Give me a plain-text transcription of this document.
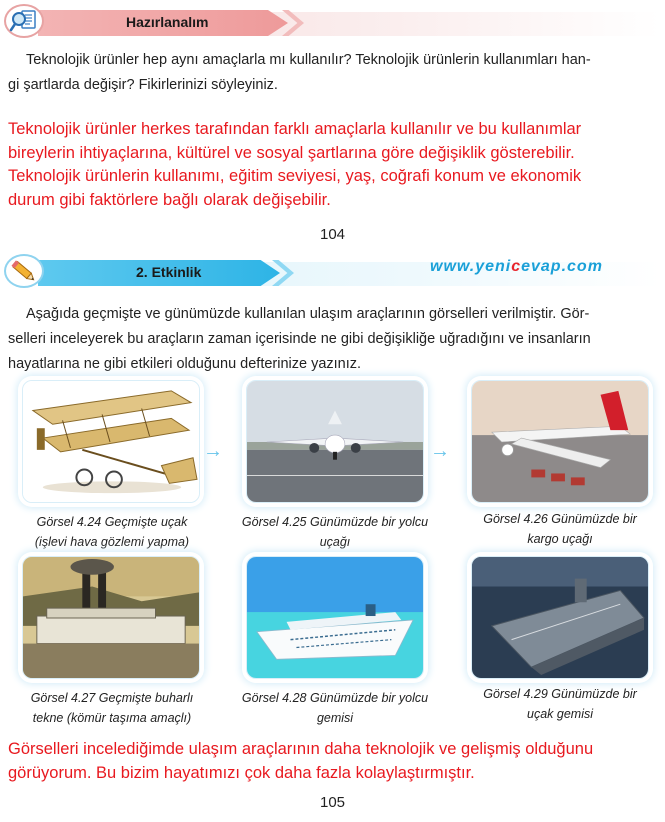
Hazırlanalım
Teknolojik ürünler hep aynı amaçlarla mı kullanılır? Teknolojik ürünlerin kullanımları han-
gi şartlarda değişir? Fikirlerinizi söyleyiniz.
Teknolojik ürünler herkes tarafından farklı amaçlarla kullanılır ve bu kullanımlar
bireylerin ihtiyaçlarına, kültürel ve sosyal şartlarına göre değişiklik gösterebilir.
Teknolojik ürünlerin kullanımı, eğitim seviyesi, yaş, coğrafi konum ve ekonomik
durum gibi faktörlere bağlı olarak değişebilir.
104
2. Etkinlik	www.yenicevap.com
Aşağıda geçmişte ve günümüzde kullanılan ulaşım araçlarının görselleri verilmiştir. Gör-
selleri inceleyerek bu araçların zaman içerisinde ne gibi değişikliğe uğradığını ve insanların
hayatlarına ne gibi etkileri olduğunu defterinize yazınız.
→	→
Görsel 4.24 Geçmişte uçak
(işlevi hava gözlemi yapma)
Görsel 4.25 Günümüzde bir yolcu
uçağı
Görsel 4.26 Günümüzde bir
kargo uçağı
Görsel 4.27 Geçmişte buharlı
tekne (kömür taşıma amaçlı)
Görsel 4.28 Günümüzde bir yolcu
gemisi
Görsel 4.29 Günümüzde bir
uçak gemisi
Görselleri incelediğimde ulaşım araçlarının daha teknolojik ve gelişmiş olduğunu
görüyorum. Bu bizim hayatımızı çok daha fazla kolaylaştırmıştır.
105
